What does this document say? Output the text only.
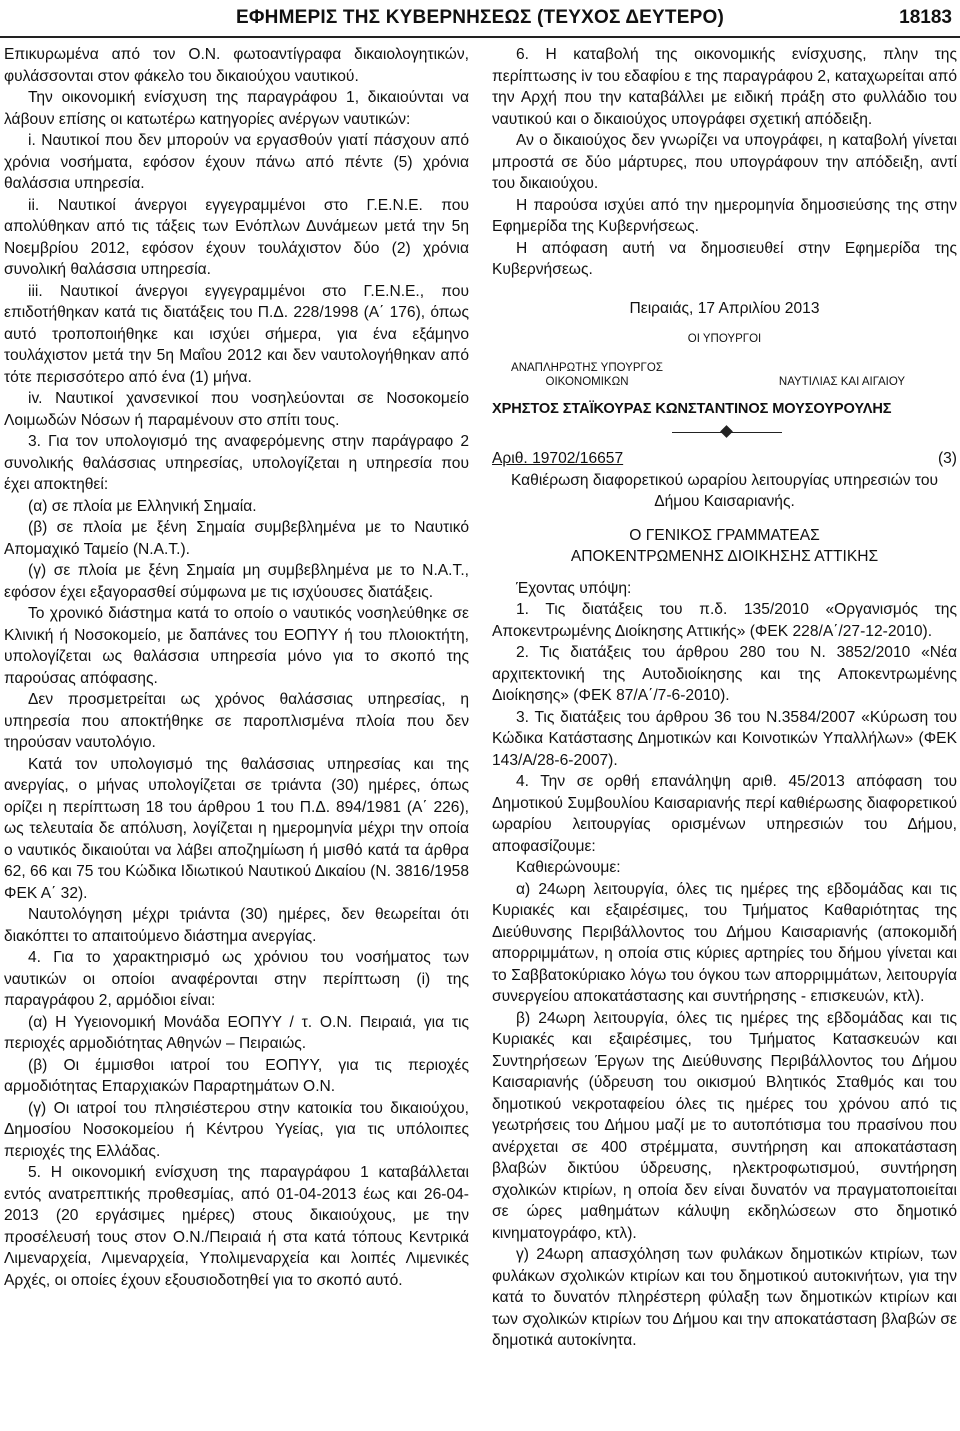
ΕΦΗΜΕΡΙΣ ΤΗΣ ΚΥΒΕΡΝΗΣΕΩΣ (ΤΕΥΧΟΣ ΔΕΥΤΕΡΟ)	18183

Επικυρωμένα από τον Ο.Ν. φωτοαντίγραφα δικαιολογητικών, φυλάσσονται στον φάκελο του δικαιούχου ναυτικού.

Την οικονομική ενίσχυση της παραγράφου 1, δικαιούνται να λάβουν επίσης οι κατωτέρω κατηγορίες ανέργων ναυτικών:

i. Ναυτικοί που δεν μπορούν να εργασθούν γιατί πάσχουν από χρόνια νοσήματα, εφόσον έχουν πάνω από πέντε (5) χρόνια θαλάσσια υπηρεσία.

ii. Ναυτικοί άνεργοι εγγεγραμμένοι στο Γ.Ε.Ν.Ε. που απολύθηκαν από τις τάξεις των Ενόπλων Δυνάμεων μετά την 5η Νοεμβρίου 2012, εφόσον έχουν τουλάχιστον δύο (2) χρόνια συνολική θαλάσσια υπηρεσία.

iii. Ναυτικοί άνεργοι εγγεγραμμένοι στο Γ.Ε.Ν.Ε., που επιδοτήθηκαν κατά τις διατάξεις του Π.Δ. 228/1998 (Α΄ 176), όπως αυτό τροποποιήθηκε και ισχύει σήμερα, για ένα εξάμηνο τουλάχιστον μετά την 5η Μαΐου 2012 και δεν ναυτολογήθηκαν από τότε περισσότερο από ένα (1) μήνα.

iv. Ναυτικοί χανσενικοί που νοσηλεύονται σε Νοσοκομείο Λοιμωδών Νόσων ή παραμένουν στο σπίτι τους.

3. Για τον υπολογισμό της αναφερόμενης στην παράγραφο 2 συνολικής θαλάσσιας υπηρεσίας, υπολογίζεται η υπηρεσία που έχει αποκτηθεί:

(α) σε πλοία με Ελληνική Σημαία.

(β) σε πλοία με ξένη Σημαία συμβεβλημένα με το Ναυτικό Απομαχικό Ταμείο (Ν.Α.Τ.).

(γ) σε πλοία με ξένη Σημαία μη συμβεβλημένα με το Ν.Α.Τ., εφόσον έχει εξαγορασθεί σύμφωνα με τις ισχύουσες διατάξεις.

Το χρονικό διάστημα κατά το οποίο ο ναυτικός νοσηλεύθηκε σε Κλινική ή Νοσοκομείο, με δαπάνες του ΕΟΠΥΥ ή του πλοιοκτήτη, υπολογίζεται ως θαλάσσια υπηρεσία μόνο για το σκοπό της παρούσας απόφασης.

Δεν προσμετρείται ως χρόνος θαλάσσιας υπηρεσίας, η υπηρεσία που αποκτήθηκε σε παροπλισμένα πλοία που δεν τηρούσαν ναυτολόγιο.

Κατά τον υπολογισμό της θαλάσσιας υπηρεσίας και της ανεργίας, ο μήνας υπολογίζεται σε τριάντα (30) ημέρες, όπως ορίζει η περίπτωση 18 του άρθρου 1 του Π.Δ. 894/1981 (Α΄ 226), ως τελευταία δε απόλυση, λογίζεται η ημερομηνία μέχρι την οποία ο ναυτικός δικαιούται να λάβει αποζημίωση ή μισθό κατά τα άρθρα 62, 66 και 75 του Κώδικα Ιδιωτικού Ναυτικού Δικαίου (Ν. 3816/1958 ΦΕΚ Α΄ 32).

Ναυτολόγηση μέχρι τριάντα (30) ημέρες, δεν θεωρείται ότι διακόπτει το απαιτούμενο διάστημα ανεργίας.

4. Για το χαρακτηρισμό ως χρόνιου του νοσήματος των ναυτικών οι οποίοι αναφέρονται στην περίπτωση (i) της παραγράφου 2, αρμόδιοι είναι:

(α) Η Υγειονομική Μονάδα ΕΟΠΥΥ / τ. Ο.Ν. Πειραιά, για τις περιοχές αρμοδιότητας Αθηνών – Πειραιώς.

(β) Οι έμμισθοι ιατροί του ΕΟΠΥΥ, για τις περιοχές αρμοδιότητας Επαρχιακών Παραρτημάτων Ο.Ν.

(γ) Οι ιατροί του πλησιέστερου στην κατοικία του δικαιούχου, Δημοσίου Νοσοκομείου ή Κέντρου Υγείας, για τις υπόλοιπες περιοχές της Ελλάδας.

5. Η οικονομική ενίσχυση της παραγράφου 1 καταβάλλεται εντός ανατρεπτικής προθεσμίας, από 01-04-2013 έως και 26-04-2013 (20 εργάσιμες ημέρες) στους δικαιούχους, με την προσέλευσή τους στον Ο.Ν./Πειραιά ή στα κατά τόπους Κεντρικά Λιμεναρχεία, Λιμεναρχεία, Υπολιμεναρχεία και λοιπές Λιμενικές Αρχές, οι οποίες έχουν εξουσιοδοτηθεί για το σκοπό αυτό.

6. Η καταβολή της οικονομικής ενίσχυσης, πλην της περίπτωσης iv του εδαφίου ε της παραγράφου 2, καταχωρείται από την Αρχή που την καταβάλλει με ειδική πράξη στο φυλλάδιο του ναυτικού και ο δικαιούχος υπογράφει σχετική απόδειξη.

Αν ο δικαιούχος δεν γνωρίζει να υπογράφει, η καταβολή γίνεται μπροστά σε δύο μάρτυρες, που υπογράφουν την απόδειξη, αντί του δικαιούχου.

Η παρούσα ισχύει από την ημερομηνία δημοσιεύσης της στην Εφημερίδα της Κυβερνήσεως.

Η απόφαση αυτή να δημοσιευθεί στην Εφημερίδα της Κυβερνήσεως.

Πειραιάς, 17 Απριλίου 2013

ΟΙ ΥΠΟΥΡΓΟΙ

ΑΝΑΠΛΗΡΩΤΗΣ ΥΠΟΥΡΓΟΣ ΟΙΚΟΝΟΜΙΚΩΝ	ΝΑΥΤΙΛΙΑΣ ΚΑΙ ΑΙΓΑΙΟΥ

ΧΡΗΣΤΟΣ ΣΤΑΪΚΟΥΡΑΣ ΚΩΝΣΤΑΝΤΙΝΟΣ ΜΟΥΣΟΥΡΟΥΛΗΣ

Αριθ. 19702/16657	(3)

Καθιέρωση διαφορετικού ωραρίου λειτουργίας υπηρεσιών του Δήμου Καισαριανής.

Ο ΓΕΝΙΚΟΣ ΓΡΑΜΜΑΤΕΑΣ

ΑΠΟΚΕΝΤΡΩΜΕΝΗΣ ΔΙΟΙΚΗΣΗΣ ΑΤΤΙΚΗΣ

Έχοντας υπόψη:

1. Τις διατάξεις του π.δ. 135/2010 «Οργανισμός της Αποκεντρωμένης Διοίκησης Αττικής» (ΦΕΚ 228/Α΄/27-12-2010).

2. Τις διατάξεις του άρθρου 280 του Ν. 3852/2010 «Νέα αρχιτεκτονική της Αυτοδιοίκησης και της Αποκεντρωμένης Διοίκησης» (ΦΕΚ 87/Α΄/7-6-2010).

3. Τις διατάξεις του άρθρου 36 του Ν.3584/2007 «Κύρωση του Κώδικα Κατάστασης Δημοτικών και Κοινοτικών Υπαλλήλων» (ΦΕΚ 143/Α/28-6-2007).

4. Την σε ορθή επανάληψη αριθ. 45/2013 απόφαση του Δημοτικού Συμβουλίου Καισαριανής περί καθιέρωσης διαφορετικού ωραρίου λειτουργίας ορισμένων υπηρεσιών του Δήμου, αποφασίζουμε:

Καθιερώνουμε:

α) 24ωρη λειτουργία, όλες τις ημέρες της εβδομάδας και τις Κυριακές και εξαιρέσιμες, του Τμήματος Καθαριότητας της Διεύθυνσης Περιβάλλοντος του Δήμου Καισαριανής (αποκομιδή απορριμμάτων, η οποία στις κύριες αρτηρίες του δήμου γίνεται και το Σαββατοκύριακο λόγω του όγκου των απορριμμάτων, λειτουργία συνεργείου αποκατάστασης και συντήρησης - επισκευών, κτλ).

β) 24ωρη λειτουργία, όλες τις ημέρες της εβδομάδας και τις Κυριακές και εξαιρέσιμες, του Τμήματος Κατασκευών και Συντηρήσεων Έργων της Διεύθυνσης Περιβάλλοντος του Δήμου Καισαριανής (ύδρευση του οικισμού Βλητικός Σταθμός και του δημοτικού νεκροταφείου όλες τις ημέρες του χρόνου από τις γεωτρήσεις του Δήμου μαζί με το αυτοπότισμα του πρασίνου που ανέρχεται σε 400 στρέμματα, συντήρηση και αποκατάσταση βλαβών δικτύου ύδρευσης, ηλεκτροφωτισμού, συντήρηση σχολικών κτιρίων, η οποία δεν είναι δυνατόν να πραγματοποιείται σε ώρες μαθημάτων κάλυψη εκδηλώσεων στο δημοτικό κινηματογράφο, κτλ).

γ) 24ωρη απασχόληση των φυλάκων δημοτικών κτιρίων, των φυλάκων σχολικών κτιρίων και του δημοτικού αυτοκινήτων, για την κατά το δυνατόν πληρέστερη φύλαξη των δημοτικών κτιρίων και των σχολικών κτιρίων του Δήμου και την αποκατάσταση βλαβών σε δημοτικά αυτοκίνητα.
